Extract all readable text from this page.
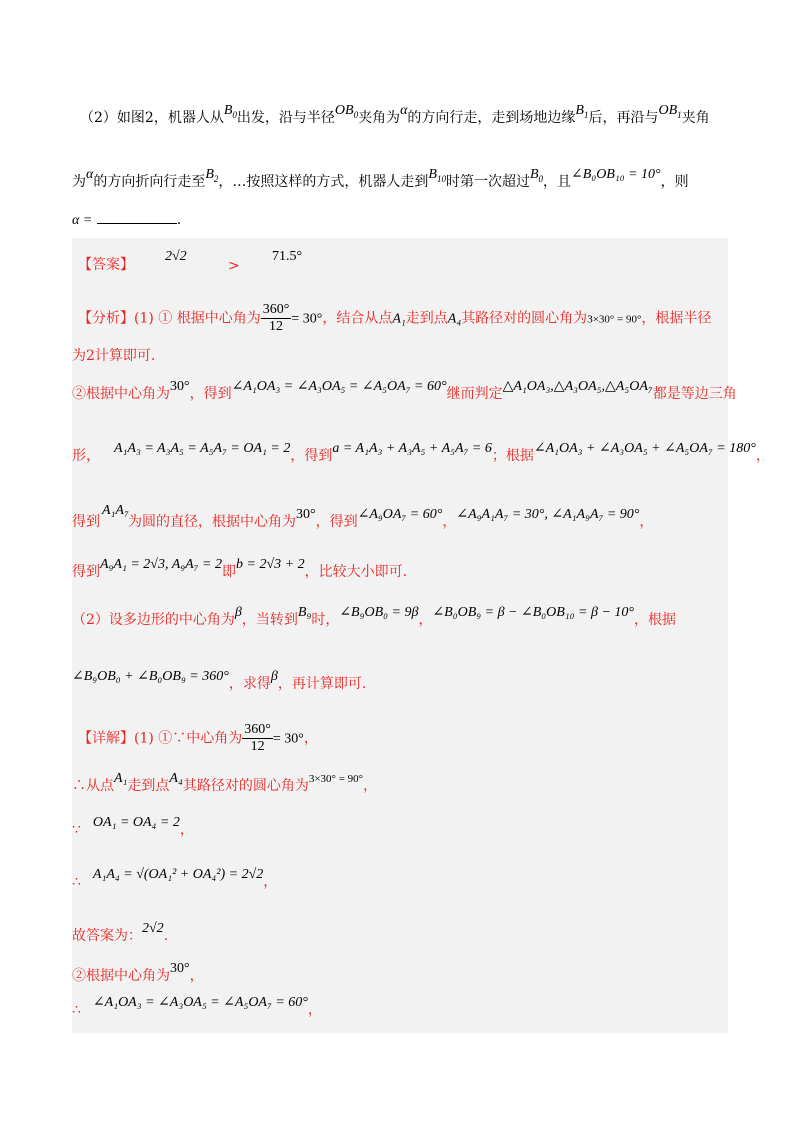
（2）如图2，机器人从$B_0$出发，沿与半径$OB_0$夹角为α的方向行走，走到场地边缘$B_1$后，再沿与$OB_1$夹角
为α的方向折向行走至$B_2$，…按照这样的方式，机器人走到$B_{10}$时第一次超过$B_0$，且∠B₀OB₁₀ = 10°，则
α =	.
【答案】
2√2
>
71.5°
【分析】(1) ① 根据中心角为 $\frac{360^\circ}{12} = 30^\circ$，结合从点A₁走到点A₄其路径对的圆心角为3×30° = 90°，根据半径
为2计算即可.
②根据中心角为30°，得到∠A₁OA₃ = ∠A₃OA₅ = ∠A₅OA₇ = 60°继而判定△A₁OA₃,△A₃OA₅,△A₅OA₇都是等边三角
形， A₁A₃ = A₃A₅ = A₅A₇ = OA₁ = 2，得到a = A₁A₃ + A₃A₅ + A₅A₇ = 6；根据∠A₁OA₃ + ∠A₃OA₅ + ∠A₅OA₇ = 180°，
A₁A₇
得到 为圆的直径，根据中心角为30°，得到∠A₉OA₇ = 60°，∠A₉A₁A₇ = 30°, ∠A₁A₉A₇ = 90°，
得到A₉A₁ = 2√3, A₉A₇ = 2即b = 2√3 + 2，比较大小即可.
（2）设多边形的中心角为β，当转到B₉时，∠B₉OB₀ = 9β，∠B₀OB₉ = β − ∠B₀OB₁₀ = β − 10°，根据
∠B₉OB₀ + ∠B₀OB₉ = 360°，求得β，再计算即可.
【详解】(1) ①∵中心角为 $\frac{360^\circ}{12} = 30^\circ$，
∴从点A₁走到点A₄其路径对的圆心角为$^{3\times 30^\circ = 90^\circ}$，
∵ OA₁ = OA₄ = 2，
∴ A₁A₄ = √(OA₁² + OA₄²) = 2√2，
故答案为：2√2.
②根据中心角为30°，
∴ ∠A₁OA₃ = ∠A₃OA₅ = ∠A₅OA₇ = 60°，
